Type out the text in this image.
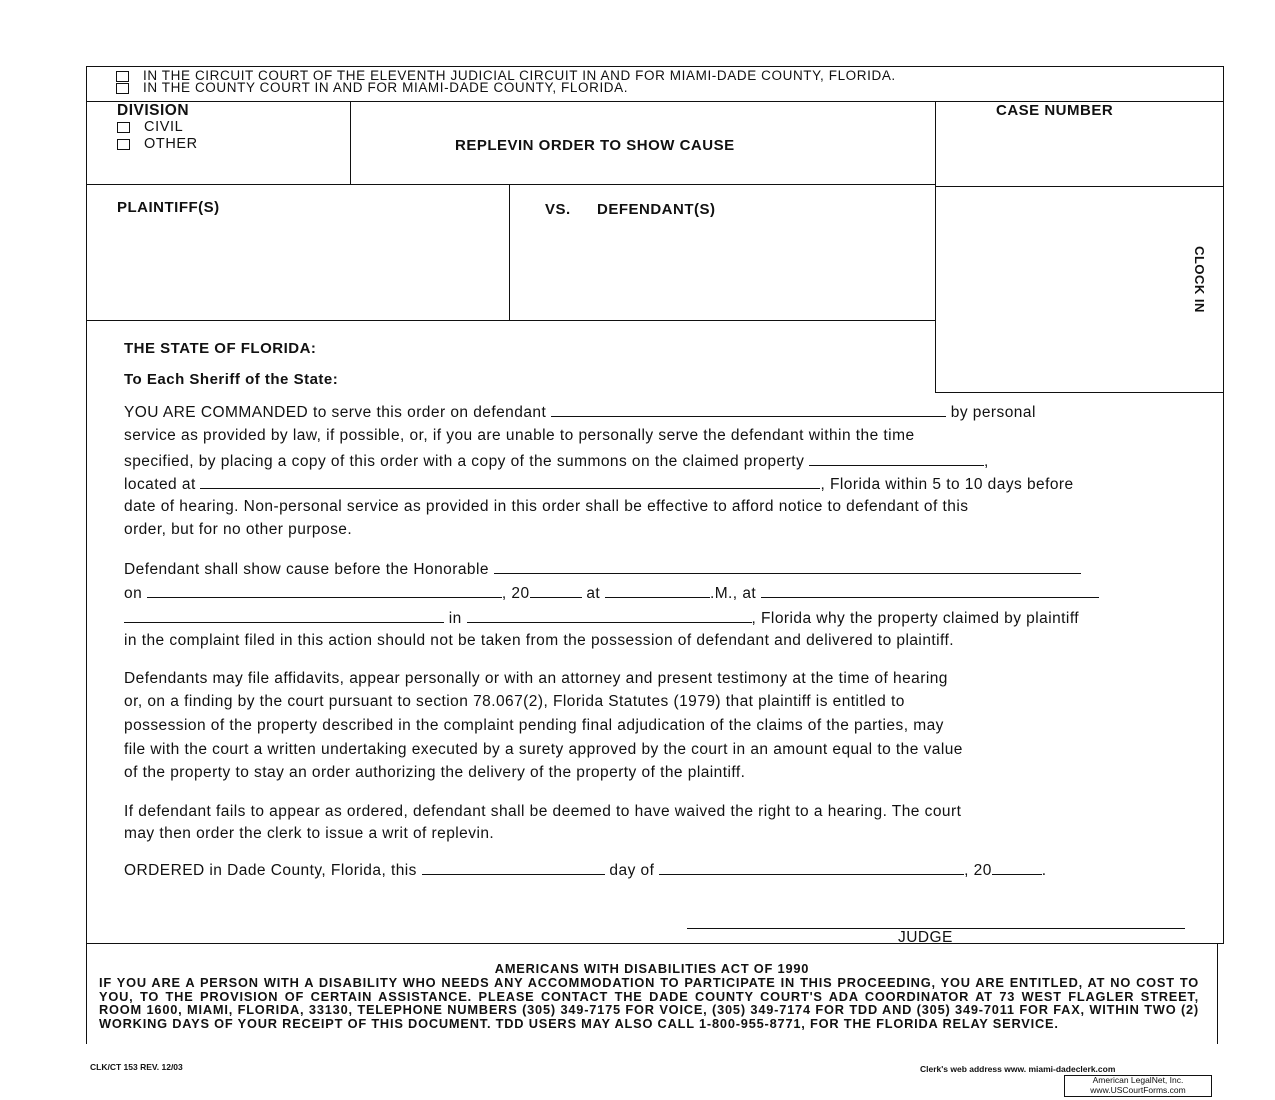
IN THE CIRCUIT COURT OF THE ELEVENTH JUDICIAL CIRCUIT IN AND FOR MIAMI-DADE COUNTY, FLORIDA.
IN THE COUNTY COURT IN AND FOR MIAMI-DADE COUNTY, FLORIDA.
DIVISION
CIVIL
OTHER	REPLEVIN ORDER TO SHOW CAUSE
CASE NUMBER
CLOCK IN
PLAINTIFF(S)	VS. DEFENDANT(S)
THE STATE OF FLORIDA:
To Each Sheriff of the State:
YOU ARE COMMANDED to serve this order on defendant	by personal
service as provided by law, if possible, or, if you are unable to personally serve the defendant within the time
specified, by placing a copy of this order with a copy of the summons on the claimed property	,
located at	, Florida within 5 to 10 days before
date of hearing. Non-personal service as provided in this order shall be effective to afford notice to defendant of this
order, but for no other purpose.
Defendant shall show cause before the Honorable
on	, 20	at	.M., at
in	, Florida why the property claimed by plaintiff
in the complaint filed in this action should not be taken from the possession of defendant and delivered to plaintiff.
Defendants may file affidavits, appear personally or with an attorney and present testimony at the time of hearing
or, on a finding by the court pursuant to section 78.067(2), Florida Statutes (1979) that plaintiff is entitled to
possession of the property described in the complaint pending final adjudication of the claims of the parties, may
file with the court a written undertaking executed by a surety approved by the court in an amount equal to the value
of the property to stay an order authorizing the delivery of the property of the plaintiff.
If defendant fails to appear as ordered, defendant shall be deemed to have waived the right to a hearing. The court
may then order the clerk to issue a writ of replevin.
ORDERED in Dade County, Florida, this	day of	, 20	.
JUDGE
AMERICANS WITH DISABILITIES ACT OF 1990
IF YOU ARE A PERSON WITH A DISABILITY WHO NEEDS ANY ACCOMMODATION TO PARTICIPATE IN THIS PROCEEDING, YOU ARE ENTITLED, AT NO COST TO YOU, TO THE PROVISION OF CERTAIN ASSISTANCE. PLEASE CONTACT THE DADE COUNTY COURT'S ADA COORDINATOR AT 73 WEST FLAGLER STREET, ROOM 1600, MIAMI, FLORIDA, 33130, TELEPHONE NUMBERS (305) 349-7175 FOR VOICE, (305) 349-7174 FOR TDD AND (305) 349-7011 FOR FAX, WITHIN TWO (2) WORKING DAYS OF YOUR RECEIPT OF THIS DOCUMENT. TDD USERS MAY ALSO CALL 1-800-955-8771, FOR THE FLORIDA RELAY SERVICE.
CLK/CT 153 REV. 12/03	Clerk's web address www. miami-dadeclerk.com
American LegalNet, Inc.
www.USCourtForms.com
